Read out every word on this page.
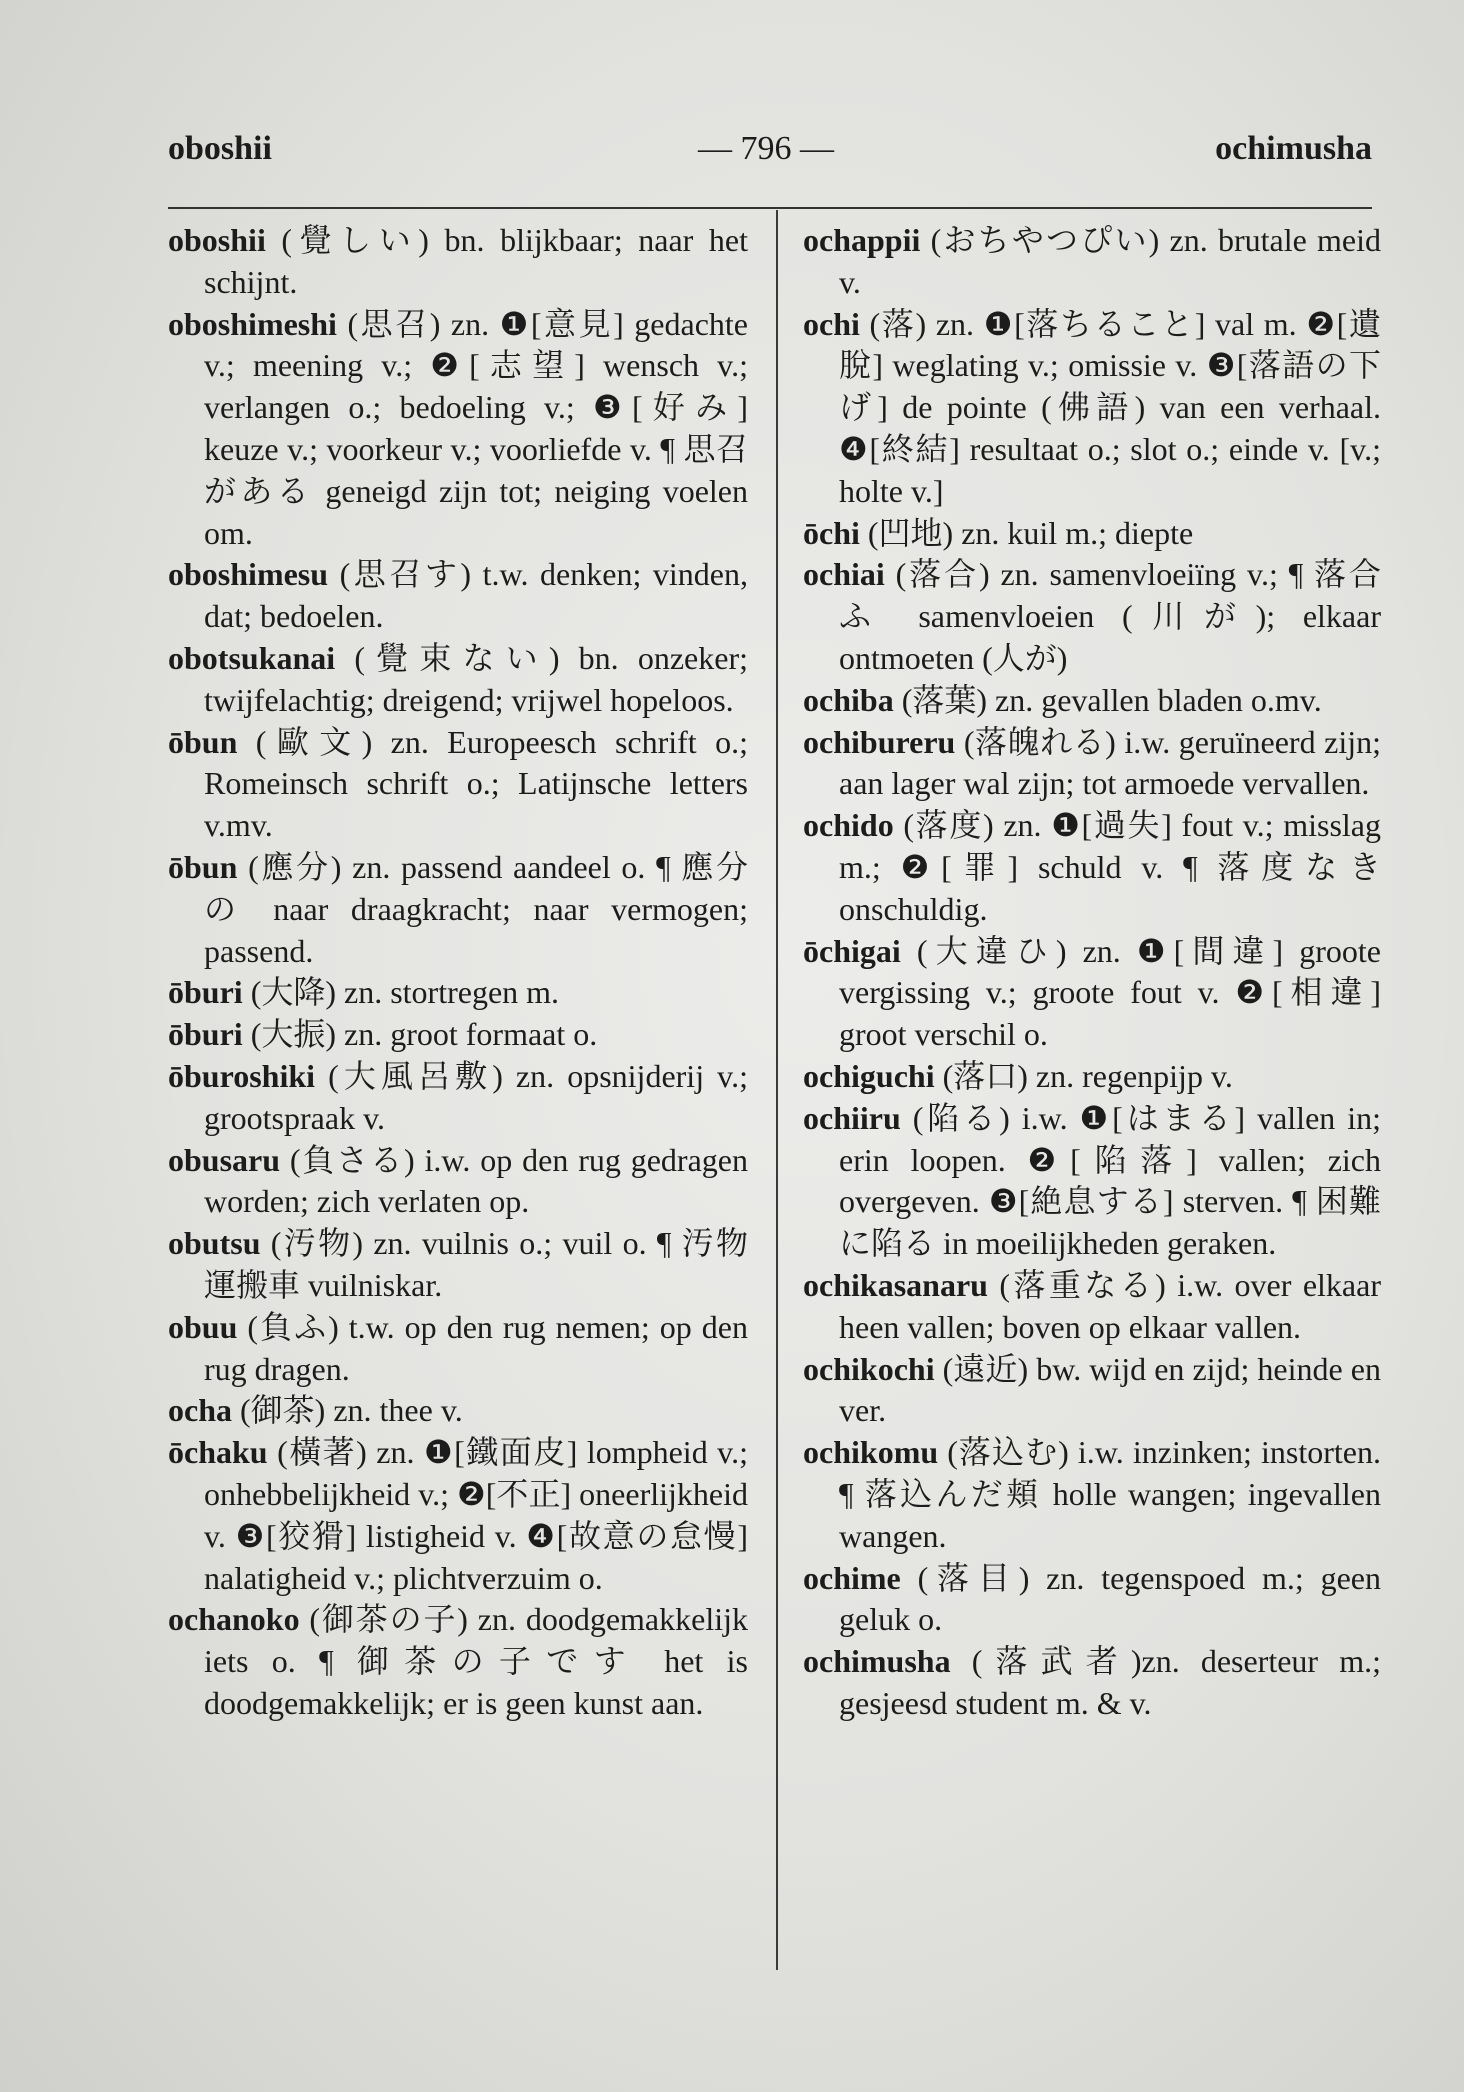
oboshii	— 796 —	ochimusha

oboshii (覺しい) bn. blijkbaar; naar het schijnt.

oboshimeshi (思召) zn. ❶[意見] gedachte v.; meening v.; ❷[志望] wensch v.; verlangen o.; bedoeling v.; ❸[好み] keuze v.; voorkeur v.; voorliefde v. ¶ 思召がある geneigd zijn tot; neiging voelen om.

oboshimesu (思召す) t.w. denken; vinden, dat; bedoelen.

obotsukanai (覺束ない) bn. onzeker; twijfelachtig; dreigend; vrijwel hopeloos.

ōbun (歐文) zn. Europeesch schrift o.; Romeinsch schrift o.; Latijnsche letters v.mv.

ōbun (應分) zn. passend aandeel o. ¶ 應分の naar draagkracht; naar vermogen; passend.

ōburi (大降) zn. stortregen m.

ōburi (大振) zn. groot formaat o.

ōburoshiki (大風呂敷) zn. opsnijderij v.; grootspraak v.

obusaru (負さる) i.w. op den rug gedragen worden; zich verlaten op.

obutsu (汚物) zn. vuilnis o.; vuil o. ¶ 汚物運搬車 vuilniskar.

obuu (負ふ) t.w. op den rug nemen; op den rug dragen.

ocha (御茶) zn. thee v.

ōchaku (橫著) zn. ❶[鐵面皮] lompheid v.; onhebbelijkheid v.; ❷[不正] oneerlijkheid v. ❸[狡猾] listigheid v. ❹[故意の怠慢] nalatigheid v.; plichtverzuim o.

ochanoko (御茶の子) zn. doodgemakkelijk iets o. ¶ 御茶の子です het is doodgemakkelijk; er is geen kunst aan.

ochappii (おちやつぴい) zn. brutale meid v.

ochi (落) zn. ❶[落ちること] val m. ❷[遺脫] weglating v.; omissie v. ❸[落語の下げ] de pointe (佛語) van een verhaal. ❹[終結] resultaat o.; slot o.; einde v. [v.; holte v.]

ōchi (凹地) zn. kuil m.; diepte

ochiai (落合) zn. samenvloeiïng v.; ¶ 落合ふ samenvloeien (川が); elkaar ontmoeten (人が)

ochiba (落葉) zn. gevallen bladen o.mv.

ochibureru (落魄れる) i.w. geruïneerd zijn; aan lager wal zijn; tot armoede vervallen.

ochido (落度) zn. ❶[過失] fout v.; misslag m.; ❷[罪] schuld v. ¶ 落度なき onschuldig.

ōchigai (大違ひ) zn. ❶[間違] groote vergissing v.; groote fout v. ❷[相違] groot verschil o.

ochiguchi (落口) zn. regenpijp v.

ochiiru (陷る) i.w. ❶[はまる] vallen in; erin loopen. ❷[陷落] vallen; zich overgeven. ❸[絶息する] sterven. ¶ 困難に陷る in moeilijkheden geraken.

ochikasanaru (落重なる) i.w. over elkaar heen vallen; boven op elkaar vallen.

ochikochi (遠近) bw. wijd en zijd; heinde en ver.

ochikomu (落込む) i.w. inzinken; instorten. ¶ 落込んだ頬 holle wangen; ingevallen wangen.

ochime (落目) zn. tegenspoed m.; geen geluk o.

ochimusha (落武者)zn. deserteur m.; gesjeesd student m. & v.
